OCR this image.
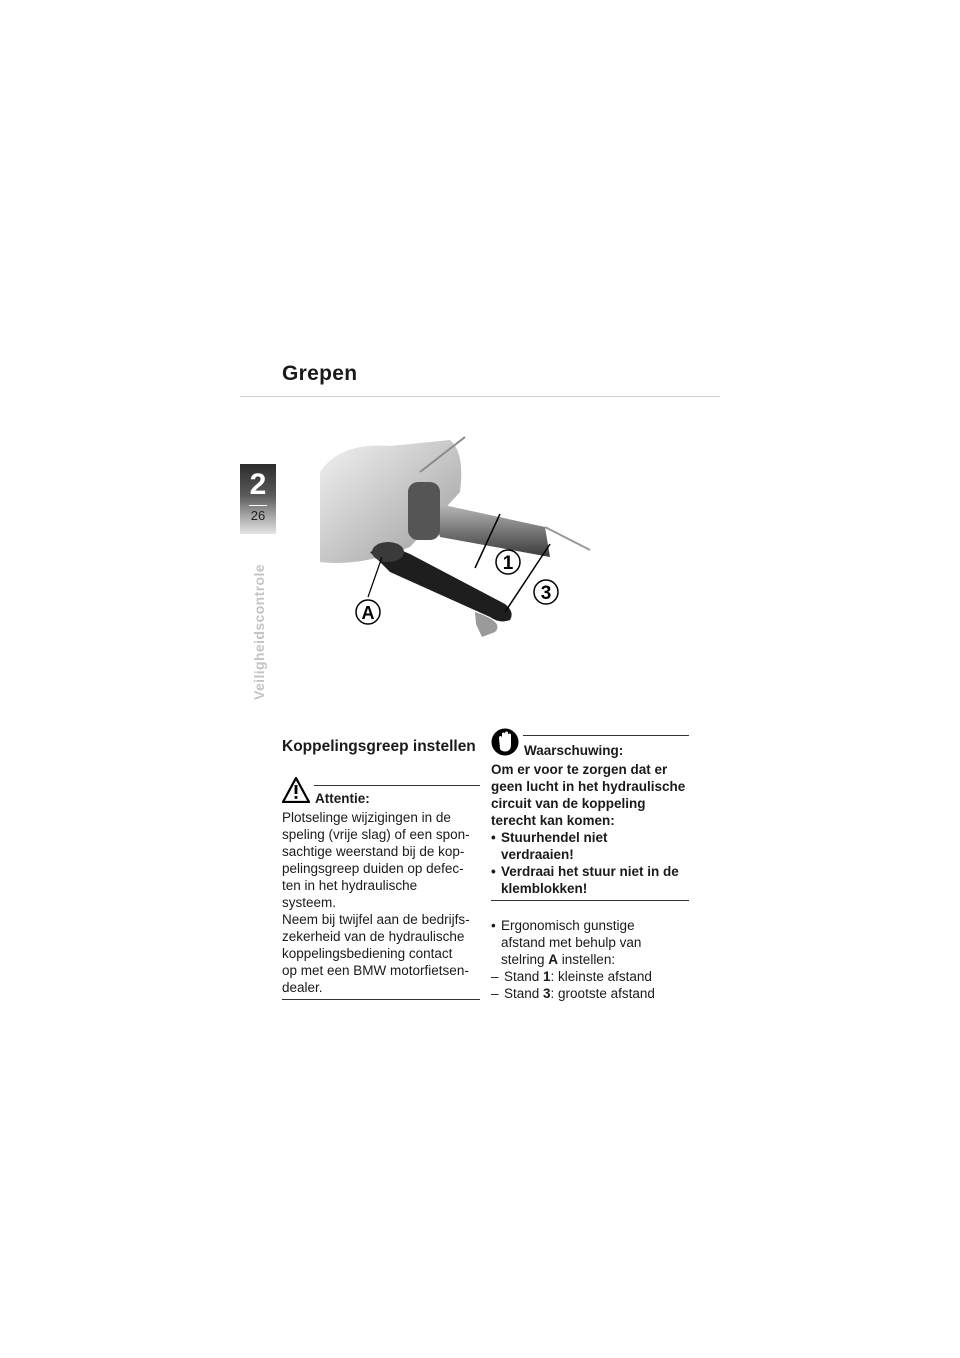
Grepen
2
26
Veiligheidscontrole
1
3
A
Koppelingsgreep instellen
Attentie:
Plotselinge wijzigingen in de
speling (vrije slag) of een spon-
sachtige weerstand bij de kop-
pelingsgreep duiden op defec-
ten in het hydraulische
systeem.
Neem bij twijfel aan de bedrijfs-
zekerheid van de hydraulische
koppelingsbediening contact
op met een BMW motorfietsen-
dealer.
Waarschuwing:
Om er voor te zorgen dat er
geen lucht in het hydraulische
circuit van de koppeling
terecht kan komen:
• Stuurhendel niet
verdraaien!
• Verdraai het stuur niet in de
klemblokken!
• Ergonomisch gunstige
afstand met behulp van
stelring A instellen:
– Stand 1: kleinste afstand
– Stand 3: grootste afstand
